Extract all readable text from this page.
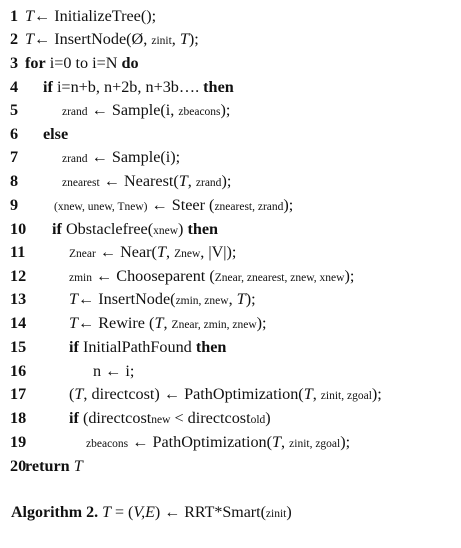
1 T← InitializeTree();
2 T← InsertNode(Ø, zinit, T);
3 for i=0 to i=N do
4 if i=n+b, n+2b, n+3b…. then
5	zrand ← Sample(i, zbeacons);
6 else
7	zrand ← Sample(i);
8	znearest ← Nearest(T, zrand);
9	(xnew, unew, Tnew) ← Steer (znearest, zrand);
10 if Obstaclefree(xnew) then
11	Znear ← Near(T, Znew, |V|);
12	zmin ← Chooseparent (Znear, znearest, znew, xnew);
13	T← InsertNode(zmin, znew, T);
14	T← Rewire (T, Znear, zmin, znew);
15	if InitialPathFound then
16	n ← i;
17	(T, directcost) ← PathOptimization(T, zinit, zgoal);
18	if (directcostnew < directcostold)
19	zbeacons ← PathOptimization(T, zinit, zgoal);
20
return T
Algorithm 2. T = (V,E) ← RRT*Smart(zinit)
